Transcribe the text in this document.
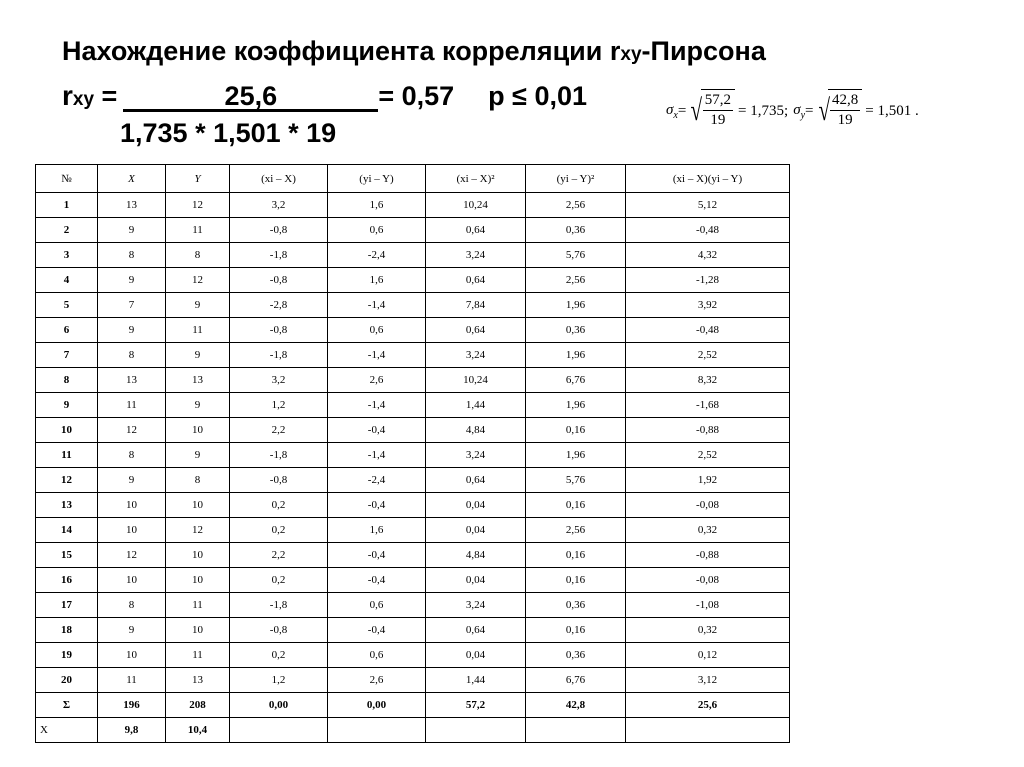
Нахождение коэффициента корреляции rxy-Пирсона
rxy =	25,6	= 0,57 p ≤ 0,01
1,735 * 1,501 * 19
$\sigma_x$ = √
$\frac{57,2}{19} = 1,735$; $\sigma_y$ = √
$\frac{42,8}{19} = 1,501$ .
№	X	Y	(xi – X)	(yi – Y)	(xi – X)²	(yi – Y)²	(xi – X)(yi – Y)
1	13	12	3,2	1,6	10,24	2,56	5,12
2	9	11	-0,8	0,6	0,64	0,36	-0,48
3	8	8	-1,8	-2,4	3,24	5,76	4,32
4	9	12	-0,8	1,6	0,64	2,56	-1,28
5	7	9	-2,8	-1,4	7,84	1,96	3,92
6	9	11	-0,8	0,6	0,64	0,36	-0,48
7	8	9	-1,8	-1,4	3,24	1,96	2,52
8	13	13	3,2	2,6	10,24	6,76	8,32
9	11	9	1,2	-1,4	1,44	1,96	-1,68
10	12	10	2,2	-0,4	4,84	0,16	-0,88
11	8	9	-1,8	-1,4	3,24	1,96	2,52
12	9	8	-0,8	-2,4	0,64	5,76	1,92
13	10	10	0,2	-0,4	0,04	0,16	-0,08
14	10	12	0,2	1,6	0,04	2,56	0,32
15	12	10	2,2	-0,4	4,84	0,16	-0,88
16	10	10	0,2	-0,4	0,04	0,16	-0,08
17	8	11	-1,8	0,6	3,24	0,36	-1,08
18	9	10	-0,8	-0,4	0,64	0,16	0,32
19	10	11	0,2	0,6	0,04	0,36	0,12
20	11	13	1,2	2,6	1,44	6,76	3,12
Σ	196	208	0,00	0,00	57,2	42,8	25,6
X	9,8	10,4					
